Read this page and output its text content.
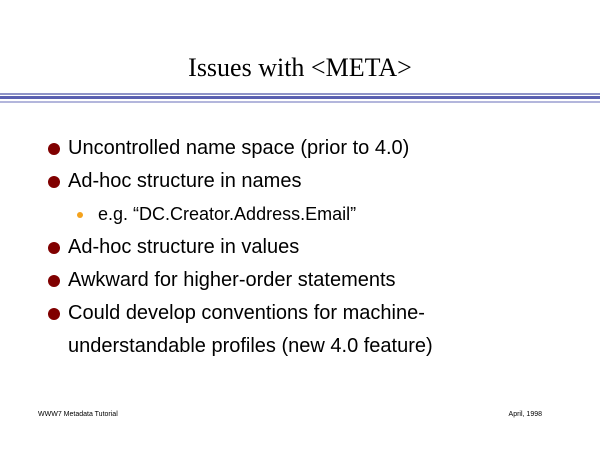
Issues with <META>
Uncontrolled name space (prior to 4.0)
Ad-hoc structure in names
e.g. “DC.Creator.Address.Email”
Ad-hoc structure in values
Awkward for higher-order statements
Could develop conventions for machine-
understandable profiles (new 4.0 feature)
WWW7 Metadata Tutorial	April, 1998
